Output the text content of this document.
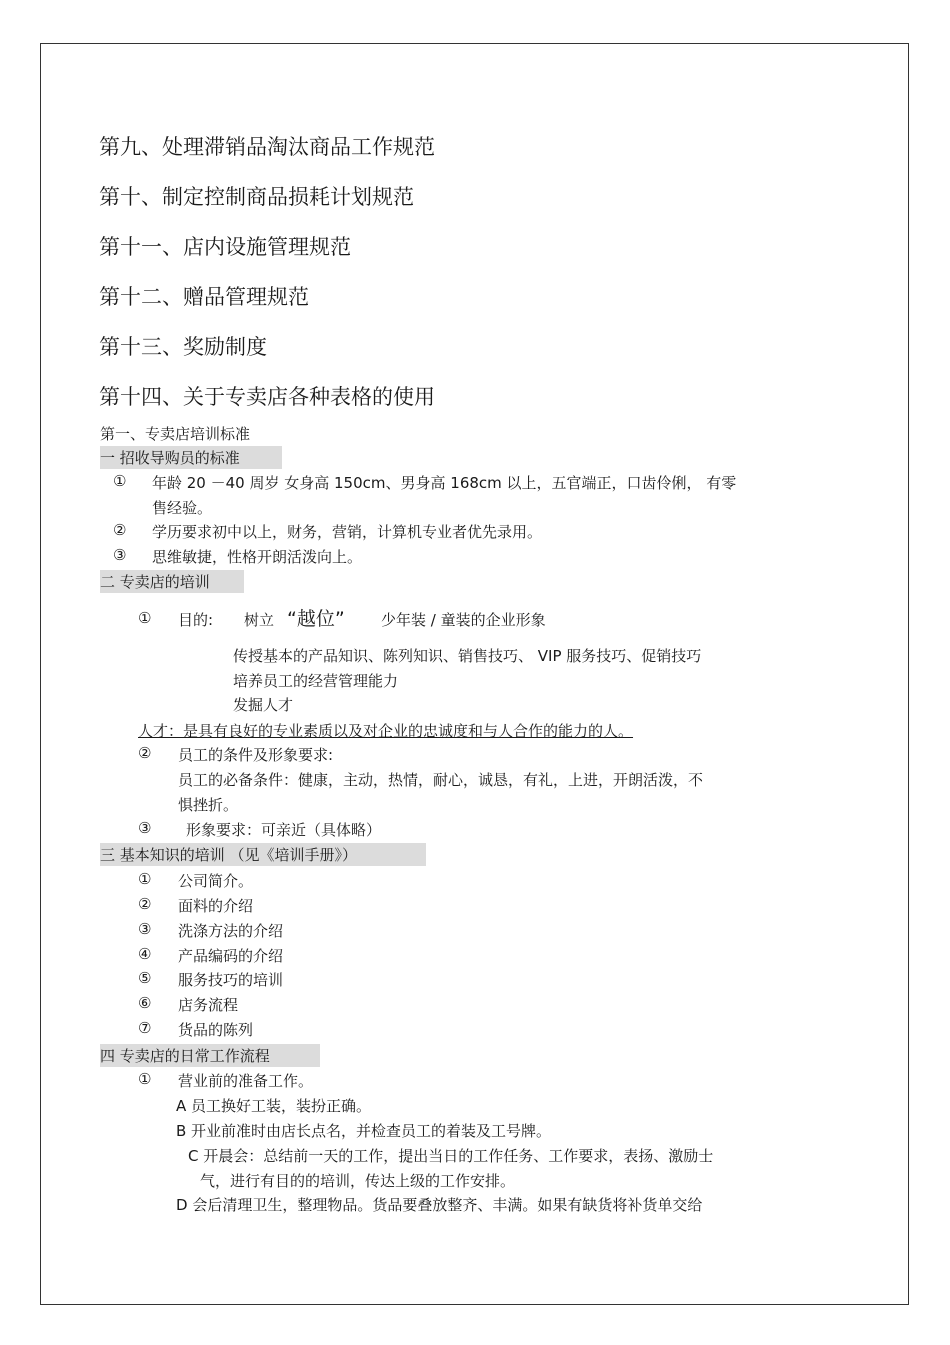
第九、处理滞销品淘汰商品工作规范
第十、制定控制商品损耗计划规范
第十一、店内设施管理规范
第十二、赠品管理规范
第十三、奖励制度
第十四、关于专卖店各种表格的使用
第一、专卖店培训标准
一 招收导购员的标准
① 年龄 20 －40 周岁 女身高 150cm、男身高 168cm 以上，五官端正，口齿伶俐， 有零
售经验。
② 学历要求初中以上，财务，营销，计算机专业者优先录用。
③ 思维敏捷，性格开朗活泼向上。
二 专卖店的培训
① 目的: 树立 “越位” 少年装 / 童装的企业形象
传授基本的产品知识、陈列知识、销售技巧、 VIP 服务技巧、促销技巧
培养员工的经营管理能力
发掘人才
人才：是具有良好的专业素质以及对企业的忠诚度和与人合作的能力的人。
② 员工的条件及形象要求:
员工的必备条件：健康，主动，热情，耐心，诚恳，有礼，上进，开朗活泼，不
惧挫折。
③ 形象要求：可亲近（具体略）
三 基本知识的培训 （见《培训手册》）
① 公司简介。
② 面料的介绍
③ 洗涤方法的介绍
④ 产品编码的介绍
⑤ 服务技巧的培训
⑥ 店务流程
⑦ 货品的陈列
四 专卖店的日常工作流程
① 营业前的准备工作。
A 员工换好工装，装扮正确。
B 开业前准时由店长点名，并检查员工的着装及工号牌。
C 开晨会：总结前一天的工作，提出当日的工作任务、工作要求，表扬、激励士
气，进行有目的的培训，传达上级的工作安排。
D 会后清理卫生，整理物品。货品要叠放整齐、丰满。如果有缺货将补货单交给
